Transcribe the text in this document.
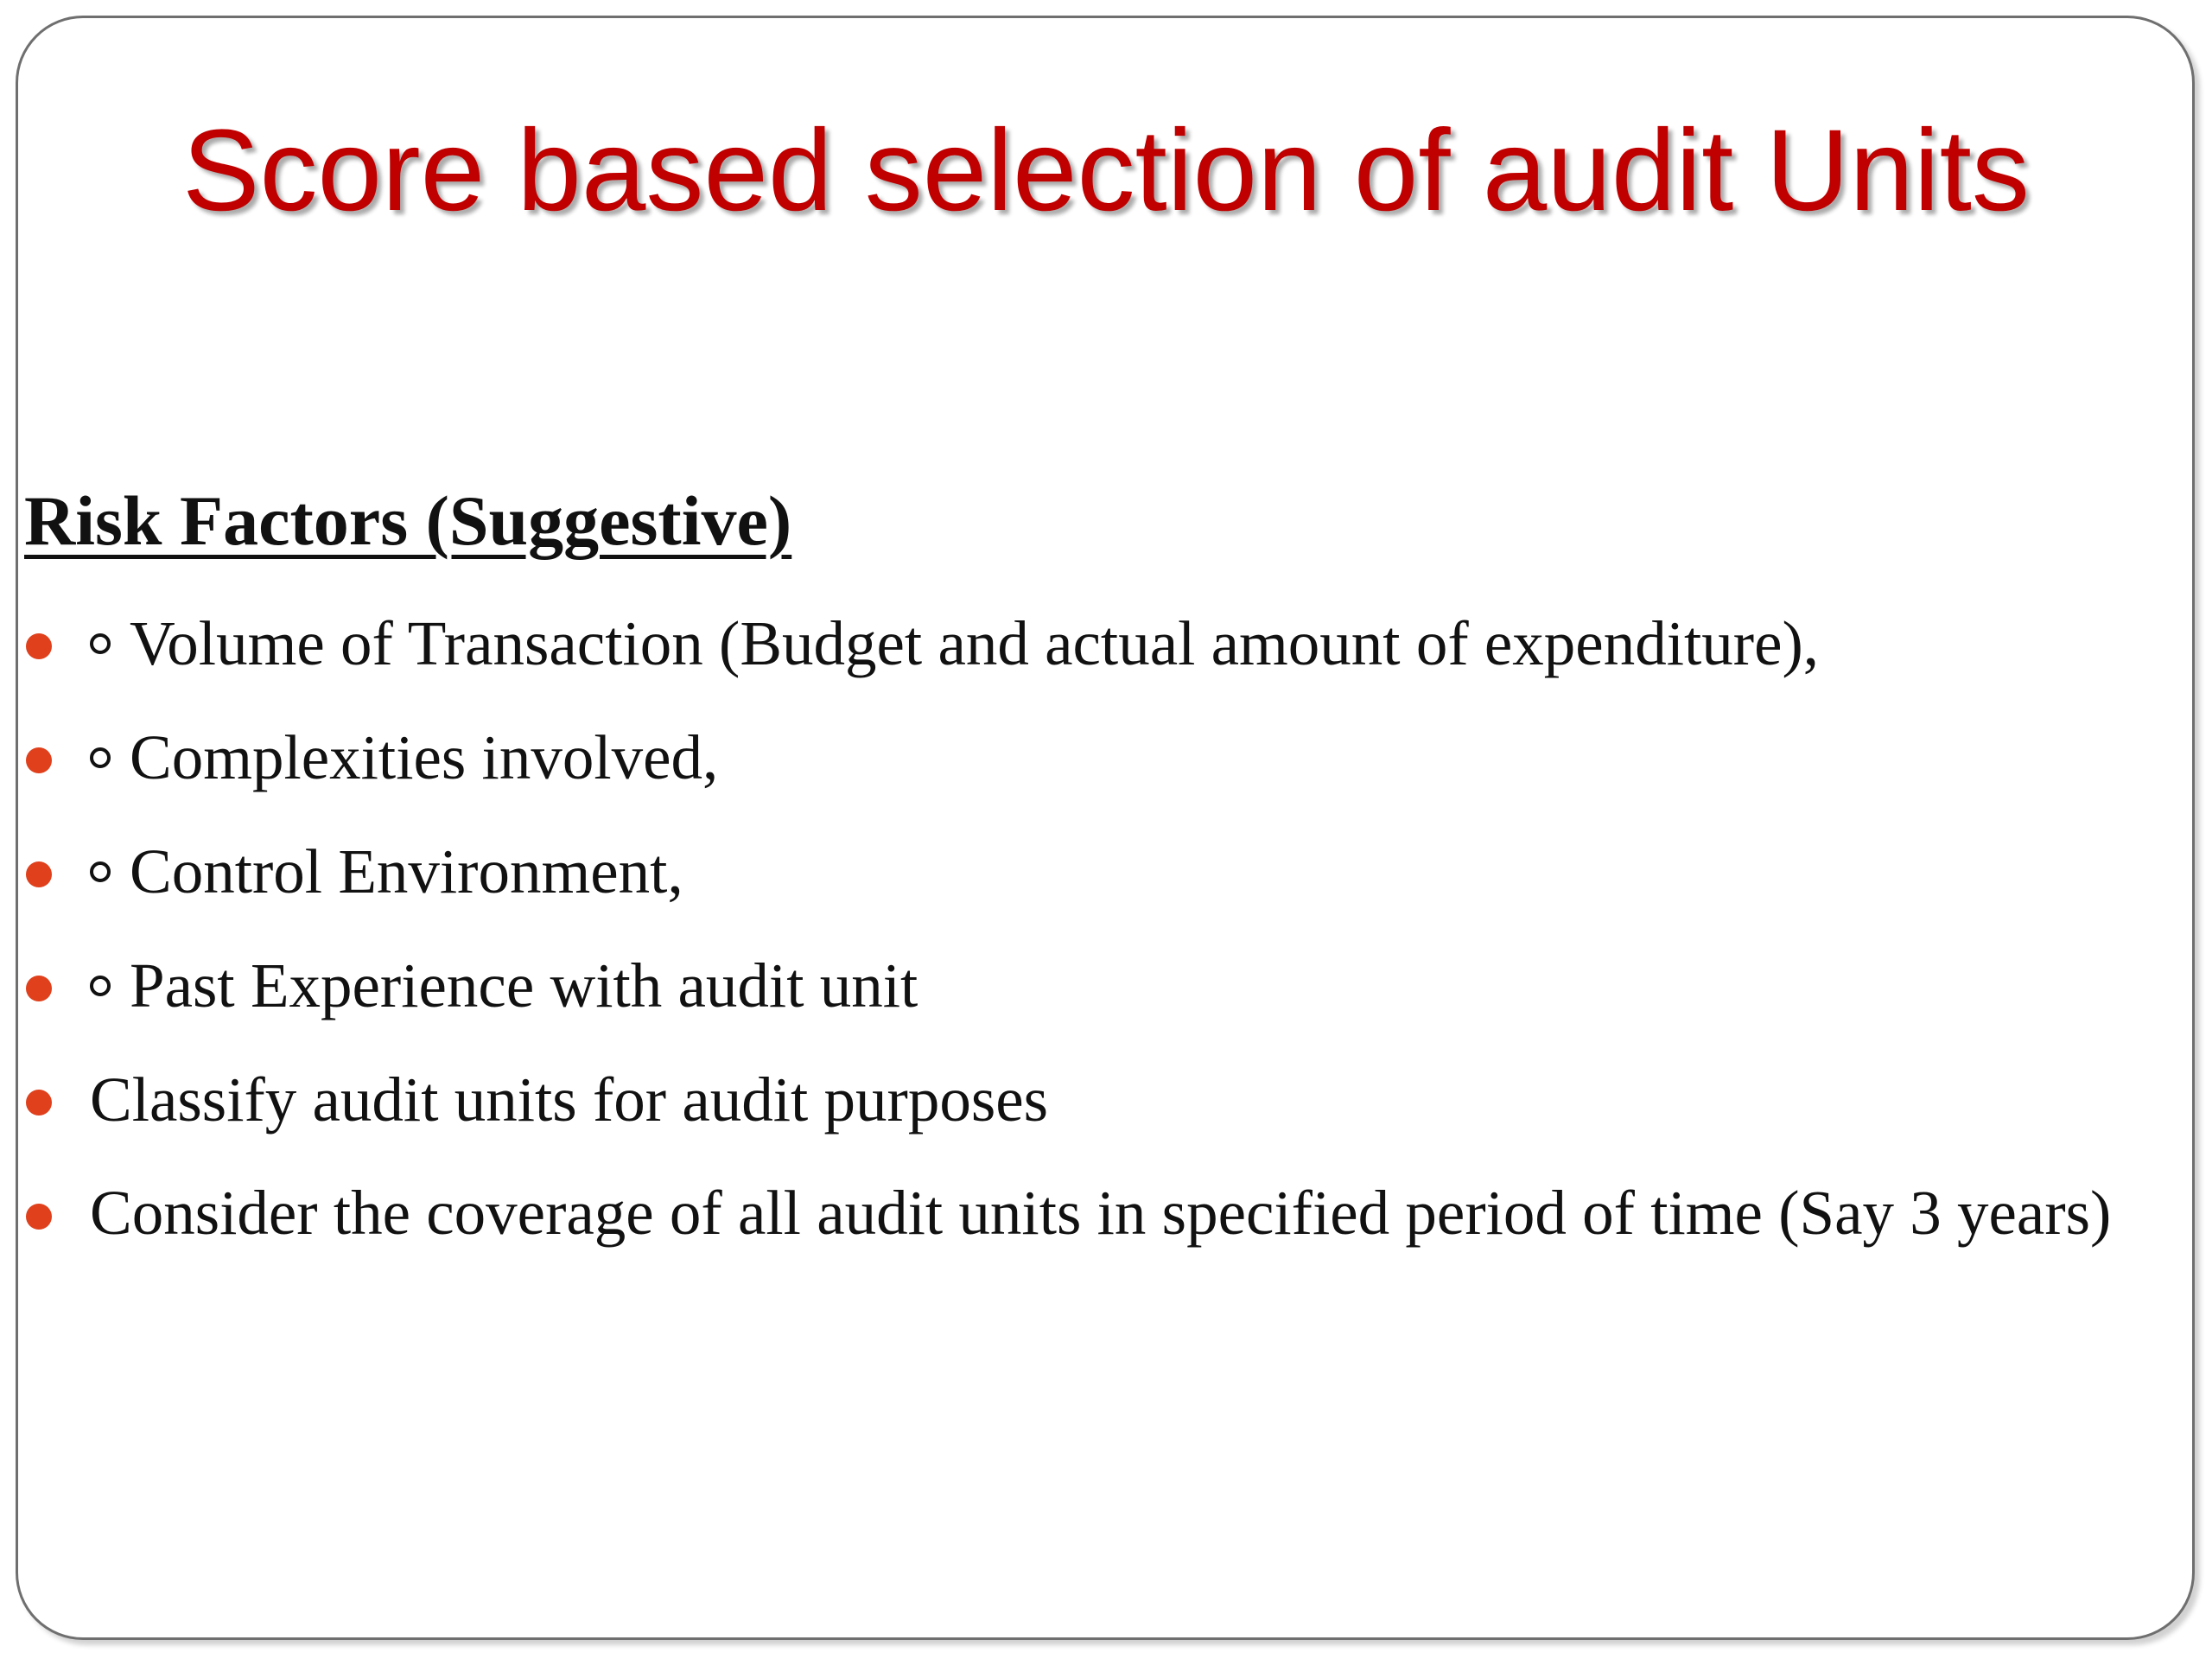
Score based selection of audit Units
Risk Factors (Suggestive)
Volume of Transaction (Budget and actual amount of expenditure),
Complexities involved,
Control Environment,
Past Experience with audit unit
Classify audit units for audit purposes
Consider the coverage of all audit units in specified period of time (Say 3 years)
